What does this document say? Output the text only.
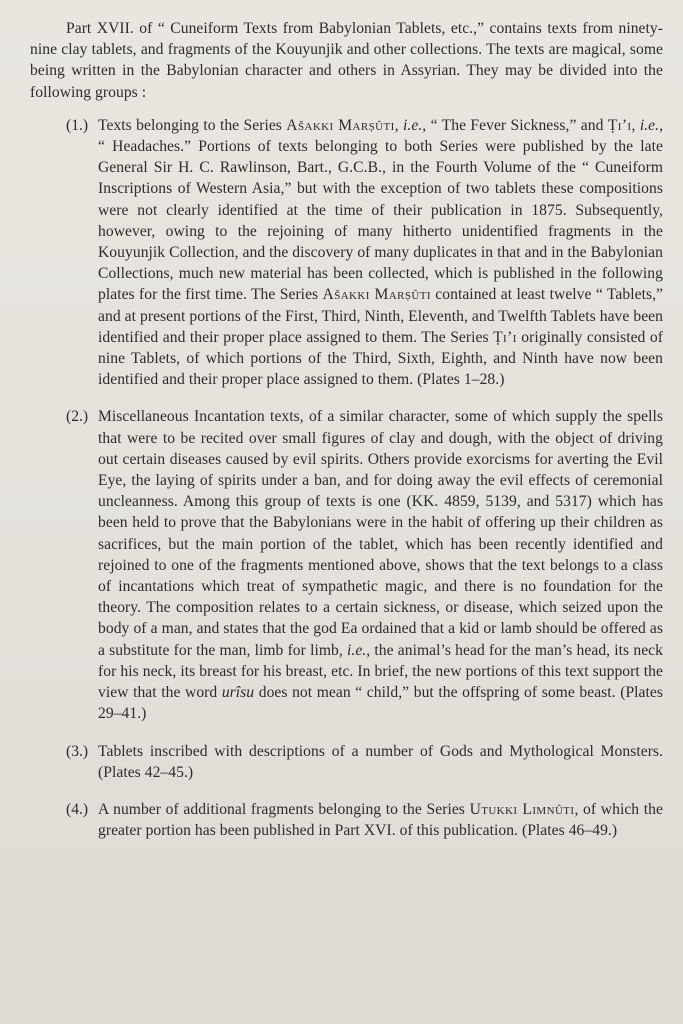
Part XVII. of “ Cuneiform Texts from Babylonian Tablets, etc.,” contains texts from ninety-nine clay tablets, and fragments of the Kouyunjik and other collections. The texts are magical, some being written in the Babylonian character and others in Assyrian. They may be divided into the following groups :

(1.) Texts belonging to the Series Ašakki Marṣûti, i.e., “ The Fever Sickness,” and Ṭi’i, i.e., “ Headaches.” Portions of texts belonging to both Series were published by the late General Sir H. C. Rawlinson, Bart., G.C.B., in the Fourth Volume of the “ Cuneiform Inscriptions of Western Asia,” but with the exception of two tablets these compositions were not clearly identified at the time of their publication in 1875. Subsequently, however, owing to the rejoining of many hitherto unidentified fragments in the Kouyunjik Collection, and the discovery of many duplicates in that and in the Babylonian Collections, much new material has been collected, which is published in the following plates for the first time. The Series Ašakki Marṣûti contained at least twelve “ Tablets,” and at present portions of the First, Third, Ninth, Eleventh, and Twelfth Tablets have been identified and their proper place assigned to them. The Series Ṭi’i originally consisted of nine Tablets, of which portions of the Third, Sixth, Eighth, and Ninth have now been identified and their proper place assigned to them. (Plates 1–28.)

(2.) Miscellaneous Incantation texts, of a similar character, some of which supply the spells that were to be recited over small figures of clay and dough, with the object of driving out certain diseases caused by evil spirits. Others provide exorcisms for averting the Evil Eye, the laying of spirits under a ban, and for doing away the evil effects of ceremonial uncleanness. Among this group of texts is one (KK. 4859, 5139, and 5317) which has been held to prove that the Babylonians were in the habit of offering up their children as sacrifices, but the main portion of the tablet, which has been recently identified and rejoined to one of the fragments mentioned above, shows that the text belongs to a class of incantations which treat of sympathetic magic, and there is no foundation for the theory. The composition relates to a certain sickness, or disease, which seized upon the body of a man, and states that the god Ea ordained that a kid or lamb should be offered as a substitute for the man, limb for limb, i.e., the animal’s head for the man’s head, its neck for his neck, its breast for his breast, etc. In brief, the new portions of this text support the view that the word urîsu does not mean “ child,” but the offspring of some beast. (Plates 29–41.)

(3.) Tablets inscribed with descriptions of a number of Gods and Mythological Monsters. (Plates 42–45.)

(4.) A number of additional fragments belonging to the Series Utukki Limnûti, of which the greater portion has been published in Part XVI. of this publication. (Plates 46–49.)
